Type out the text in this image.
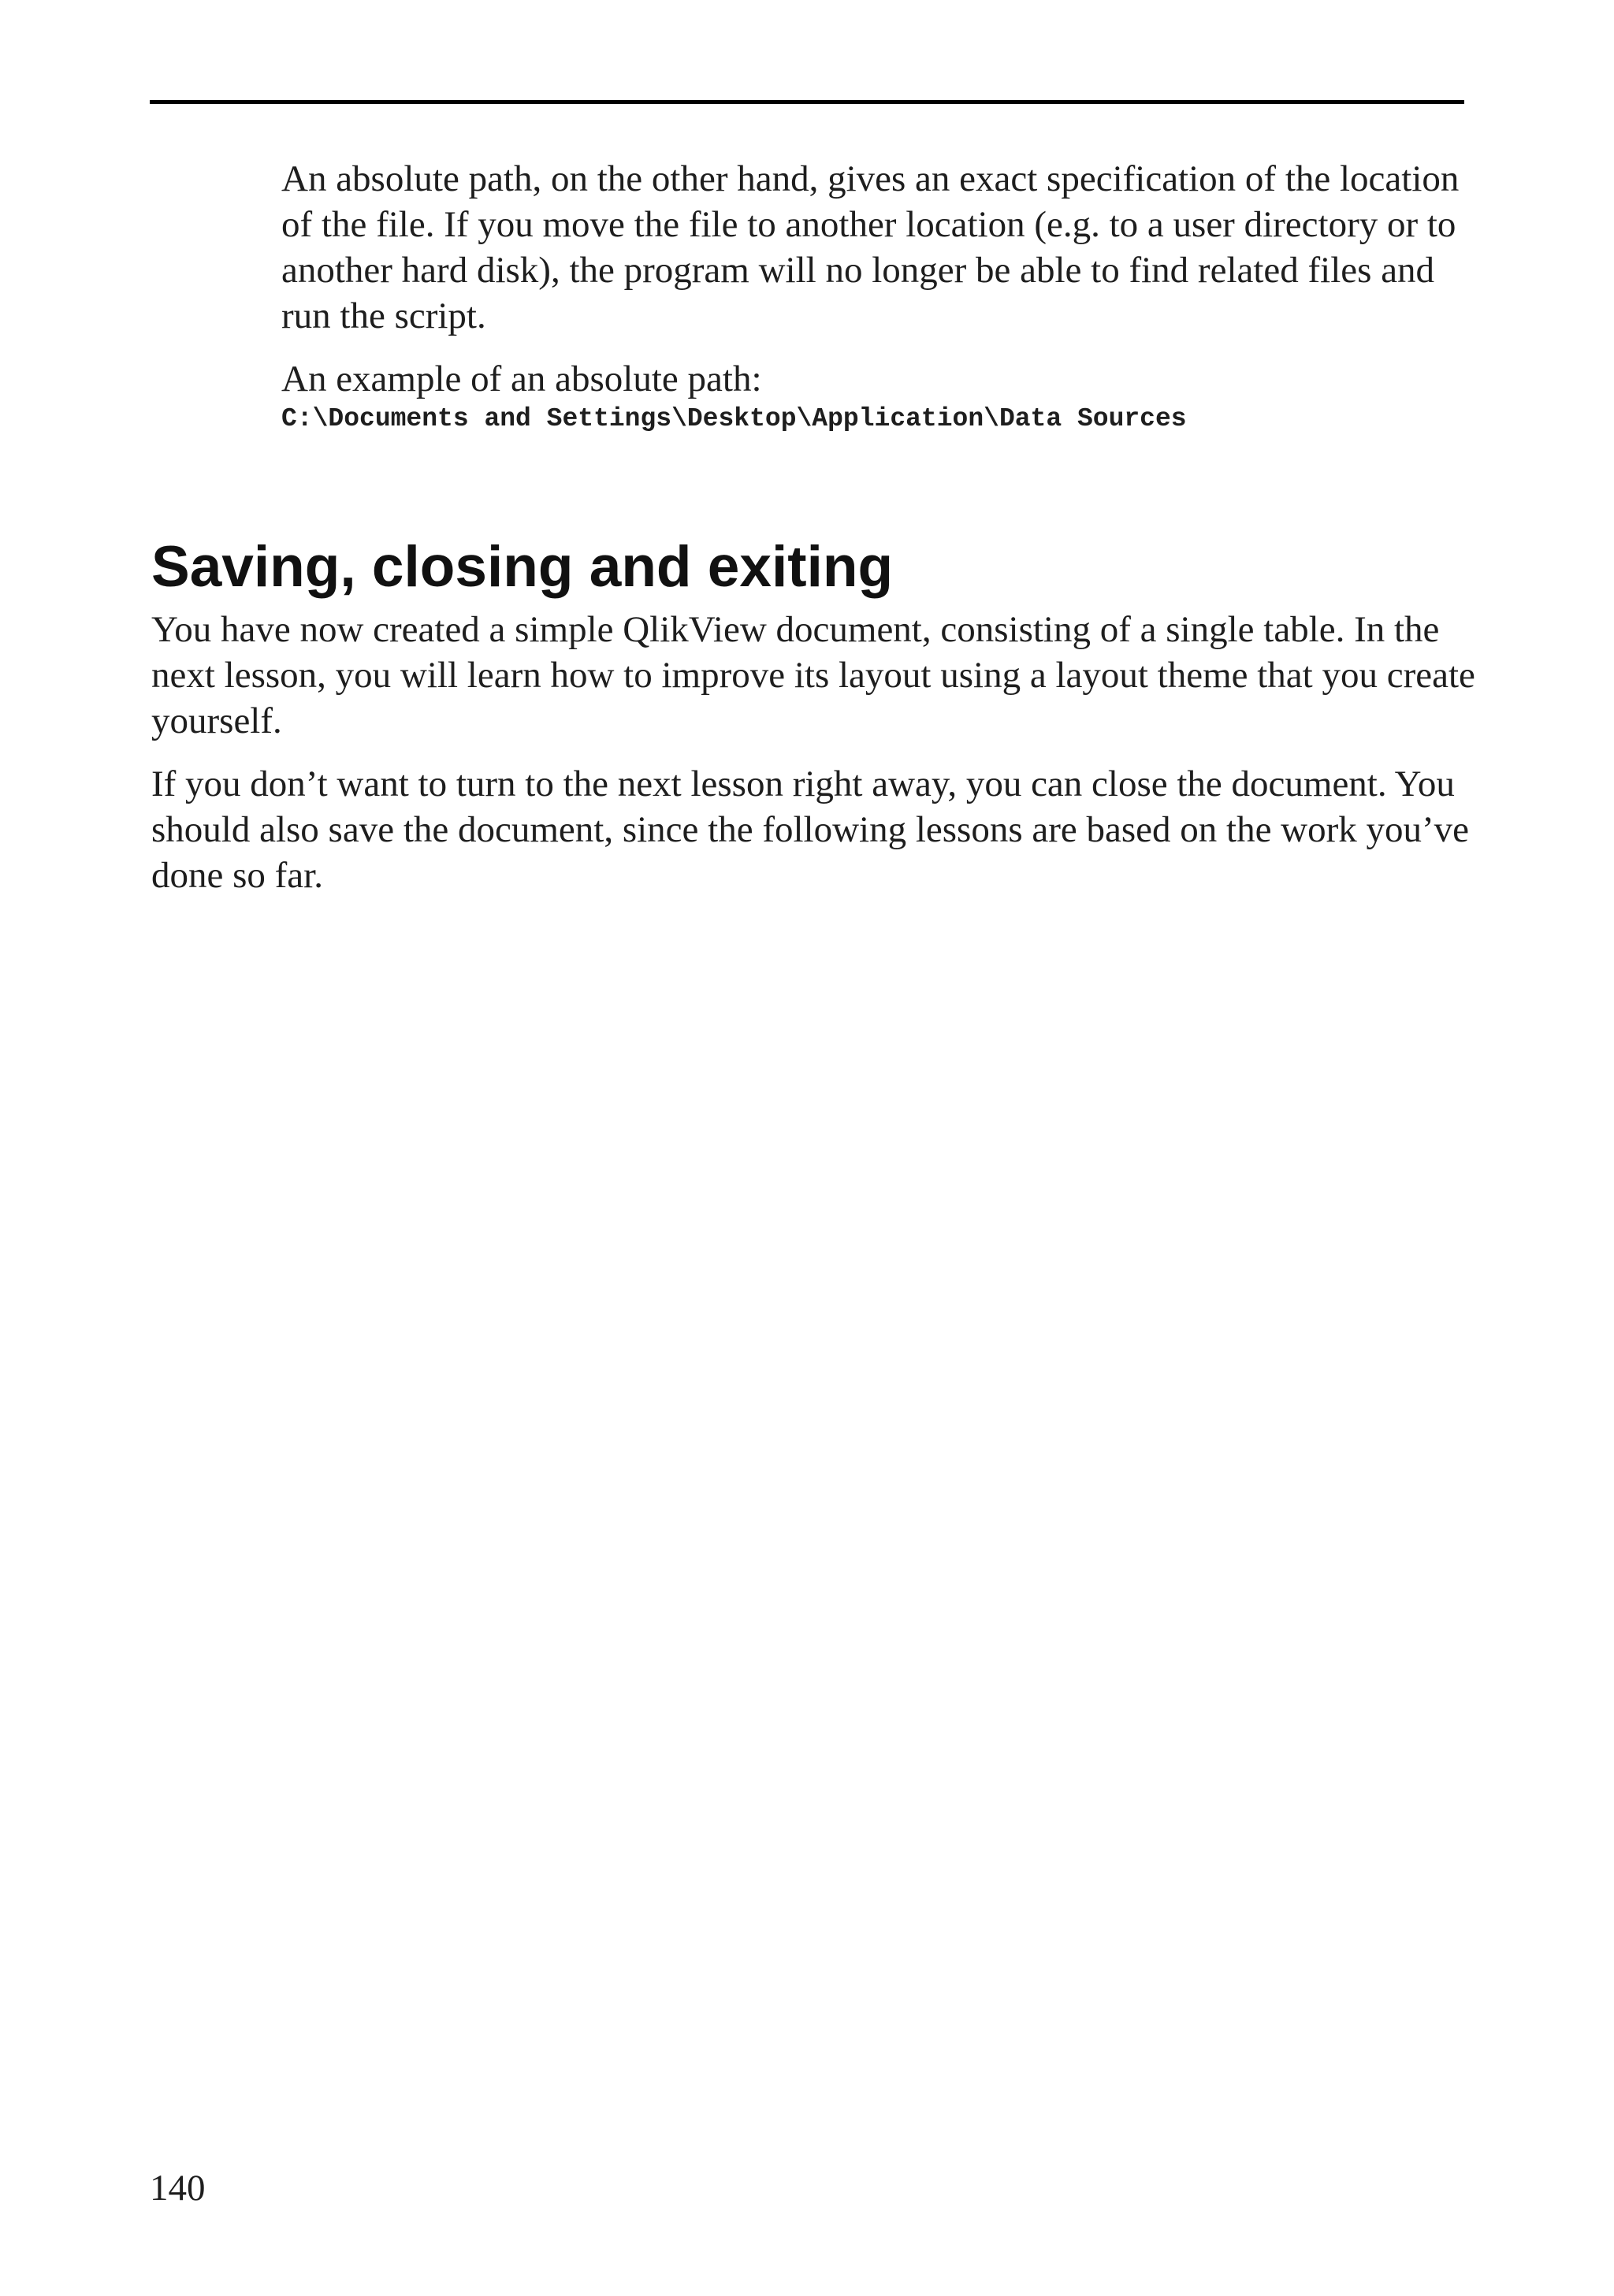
An absolute path, on the other hand, gives an exact specification of the location of the file. If you move the file to another location (e.g. to a user directory or to another hard disk), the program will no longer be able to find related files and run the script.

An example of an absolute path:

C:\Documents and Settings\Desktop\Application\Data Sources

Saving, closing and exiting

You have now created a simple QlikView document, consisting of a single table. In the next lesson, you will learn how to improve its layout using a layout theme that you create yourself.

If you don’t want to turn to the next lesson right away, you can close the document. You should also save the document, since the following lessons are based on the work you’ve done so far.

140
